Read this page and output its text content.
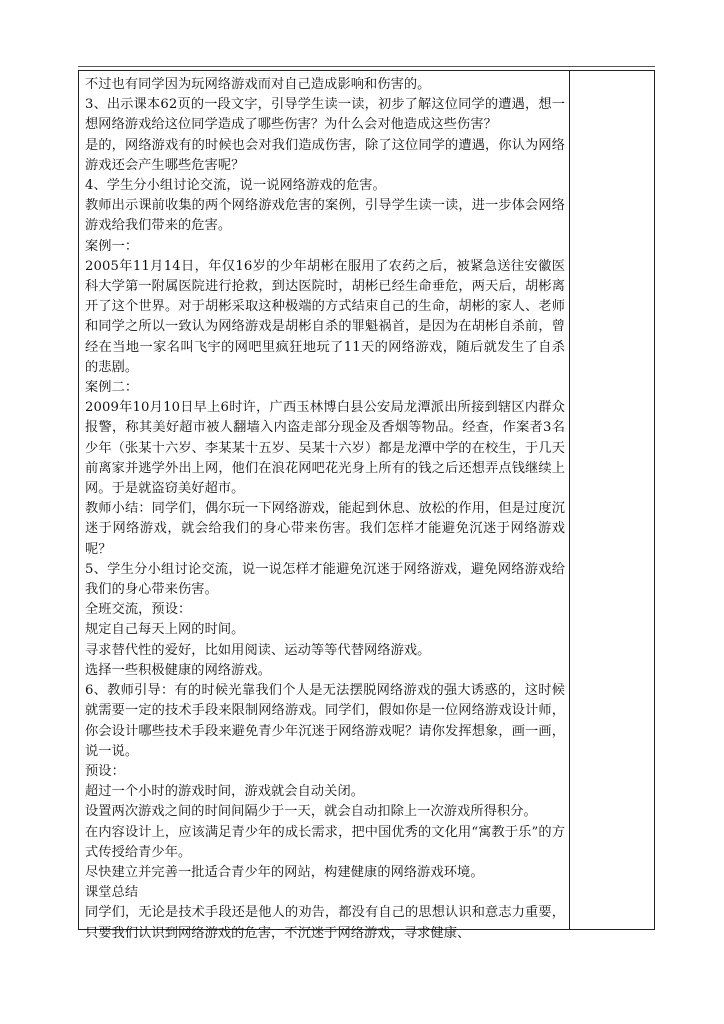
不过也有同学因为玩网络游戏而对自己造成影响和伤害的。

3、出示课本62页的一段文字，引导学生读一读，初步了解这位同学的遭遇，想一想网络游戏给这位同学造成了哪些伤害？为什么会对他造成这些伤害？

是的，网络游戏有的时候也会对我们造成伤害，除了这位同学的遭遇，你认为网络游戏还会产生哪些危害呢？

4、学生分小组讨论交流，说一说网络游戏的危害。

教师出示课前收集的两个网络游戏危害的案例，引导学生读一读，进一步体会网络游戏给我们带来的危害。

案例一：

2005年11月14日，年仅16岁的少年胡彬在服用了农药之后，被紧急送往安徽医科大学第一附属医院进行抢救，到达医院时，胡彬已经生命垂危，两天后，胡彬离开了这个世界。对于胡彬采取这种极端的方式结束自己的生命，胡彬的家人、老师和同学之所以一致认为网络游戏是胡彬自杀的罪魁祸首，是因为在胡彬自杀前，曾经在当地一家名叫飞宇的网吧里疯狂地玩了11天的网络游戏，随后就发生了自杀的悲剧。

案例二：

2009年10月10日早上6时许，广西玉林博白县公安局龙潭派出所接到辖区内群众报警，称其美好超市被人翻墙入内盗走部分现金及香烟等物品。经查，作案者3名少年（张某十六岁、李某某十五岁、吴某十六岁）都是龙潭中学的在校生，于几天前离家并逃学外出上网，他们在浪花网吧花光身上所有的钱之后还想弄点钱继续上网。于是就盗窃美好超市。

教师小结：同学们，偶尔玩一下网络游戏，能起到休息、放松的作用，但是过度沉迷于网络游戏，就会给我们的身心带来伤害。我们怎样才能避免沉迷于网络游戏呢？

5、学生分小组讨论交流，说一说怎样才能避免沉迷于网络游戏，避免网络游戏给我们的身心带来伤害。

全班交流，预设：

规定自己每天上网的时间。

寻求替代性的爱好，比如用阅读、运动等等代替网络游戏。

选择一些积极健康的网络游戏。

6、教师引导：有的时候光靠我们个人是无法摆脱网络游戏的强大诱惑的，这时候就需要一定的技术手段来限制网络游戏。同学们，假如你是一位网络游戏设计师，你会设计哪些技术手段来避免青少年沉迷于网络游戏呢？请你发挥想象，画一画，说一说。

预设：

超过一个小时的游戏时间，游戏就会自动关闭。

设置两次游戏之间的时间间隔少于一天，就会自动扣除上一次游戏所得积分。

在内容设计上，应该满足青少年的成长需求，把中国优秀的文化用“寓教于乐”的方式传授给青少年。

尽快建立并完善一批适合青少年的网站，构建健康的网络游戏环境。

课堂总结

同学们，无论是技术手段还是他人的劝告，都没有自己的思想认识和意志力重要，只要我们认识到网络游戏的危害，不沉迷于网络游戏，寻求健康、
